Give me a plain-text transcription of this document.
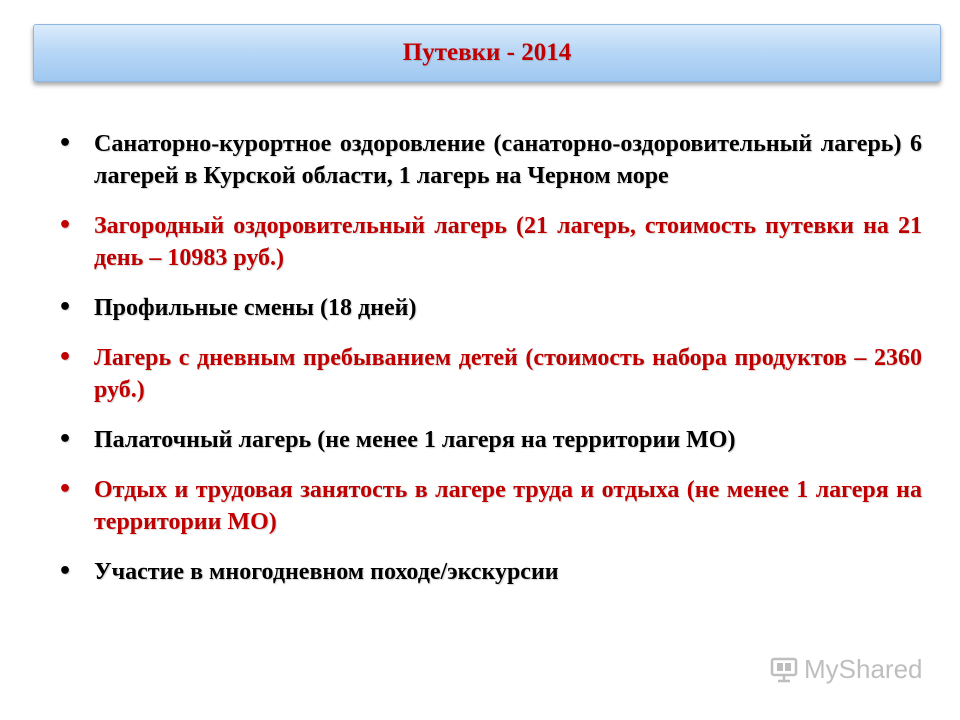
Путевки - 2014
• Санаторно-курортное оздоровление (санаторно-оздоровительный лагерь) 6 лагерей в Курской области, 1 лагерь на Черном море
• Загородный оздоровительный лагерь (21 лагерь, стоимость путевки на 21 день – 10983 руб.)
• Профильные смены (18 дней)
• Лагерь с дневным пребыванием детей (стоимость набора продуктов – 2360 руб.)
• Палаточный лагерь (не менее 1 лагеря на территории МО)
• Отдых и трудовая занятость в лагере труда и отдыха (не менее 1 лагеря на территории МО)
• Участие в многодневном походе/экскурсии
MyShared
